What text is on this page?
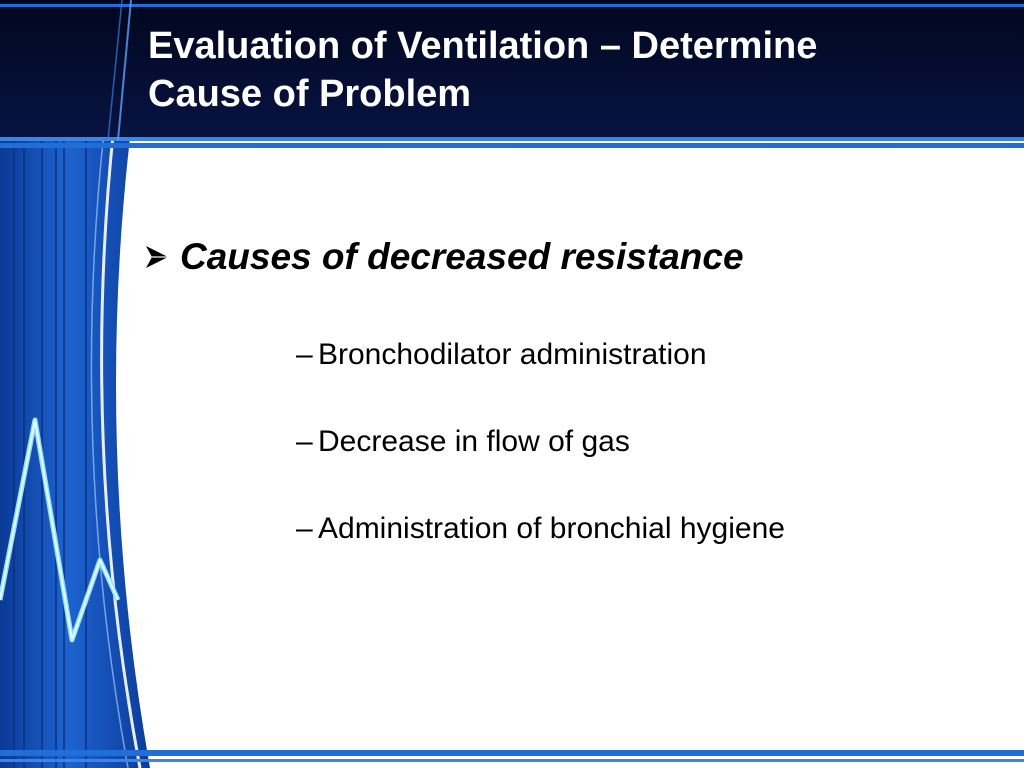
Evaluation of Ventilation – Determine
Cause of Problem
Causes of decreased resistance
– Bronchodilator administration
– Decrease in flow of gas
– Administration of bronchial hygiene
